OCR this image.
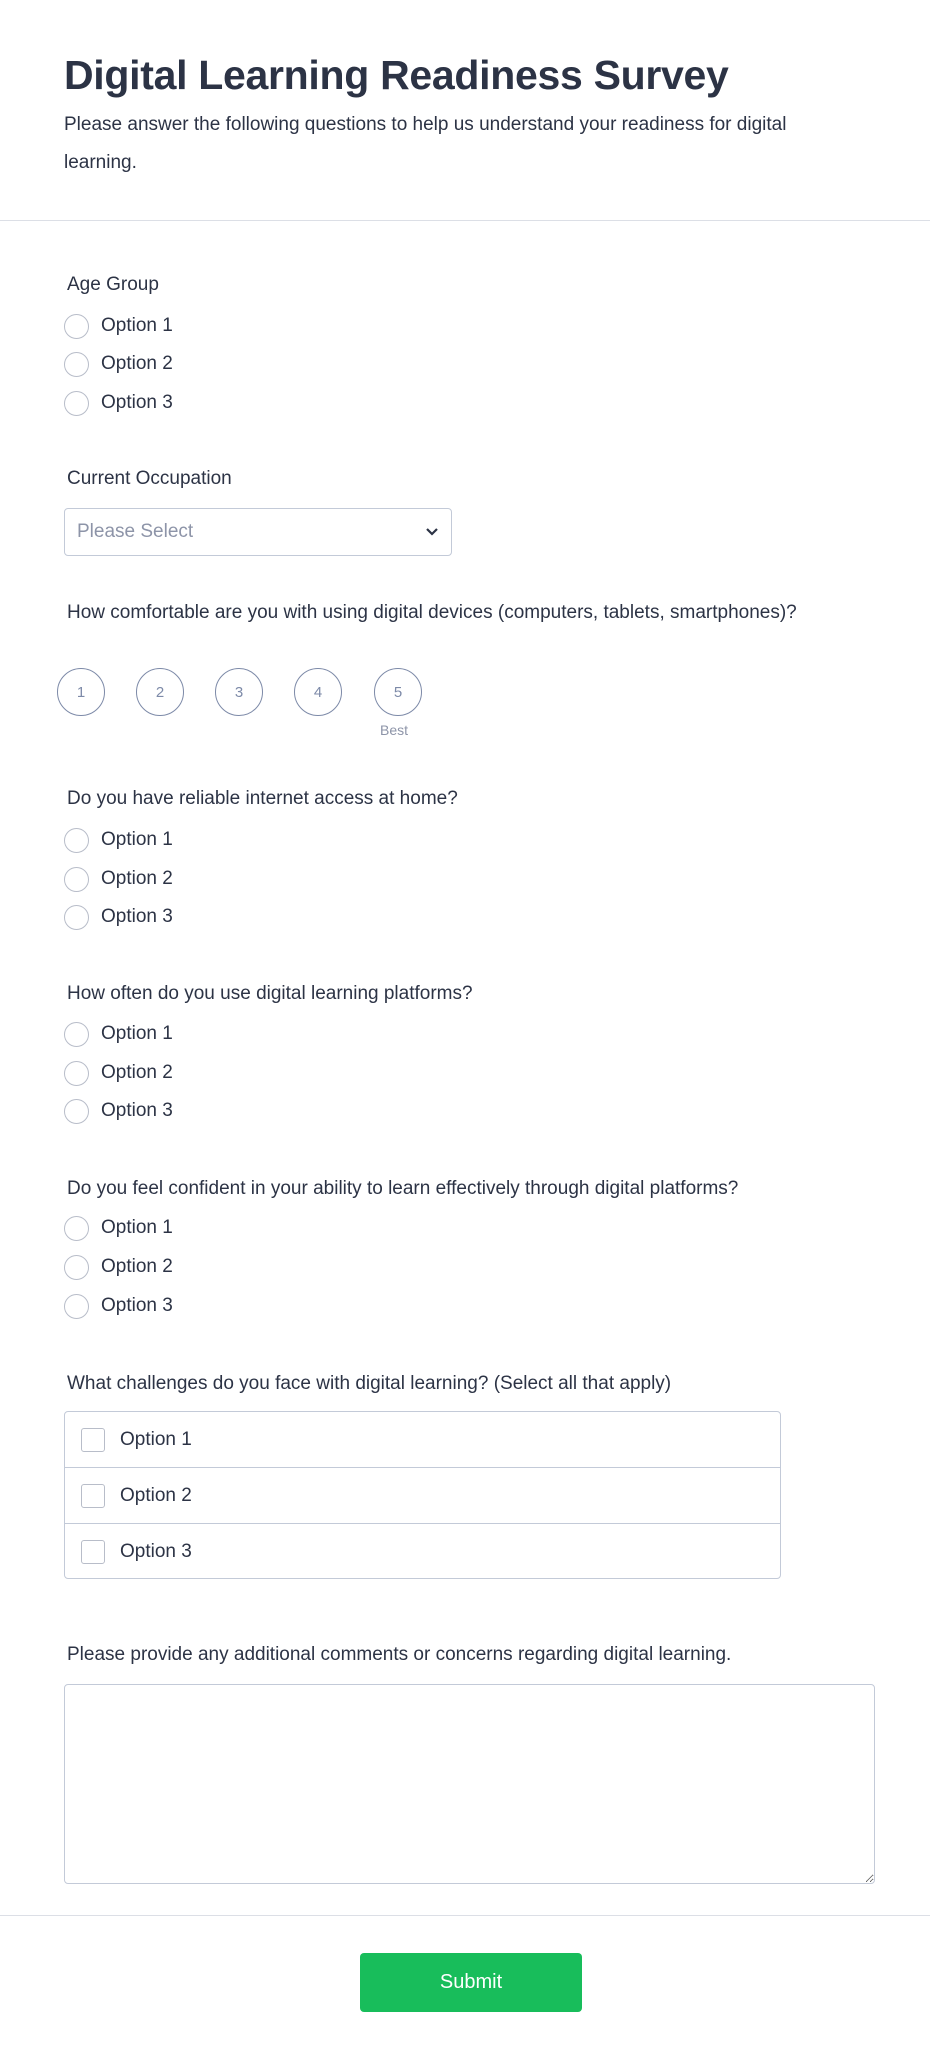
Digital Learning Readiness Survey

Please answer the following questions to help us understand your readiness for digital learning.

Age Group
Option 1
Option 2
Option 3
Current Occupation
Please Select
How comfortable are you with using digital devices (computers, tablets, smartphones)?
1	2	3	4	5
Best
Do you have reliable internet access at home?
Option 1
Option 2
Option 3
How often do you use digital learning platforms?
Option 1
Option 2
Option 3
Do you feel confident in your ability to learn effectively through digital platforms?
Option 1
Option 2
Option 3
What challenges do you face with digital learning? (Select all that apply)
Option 1
Option 2
Option 3
Please provide any additional comments or concerns regarding digital learning.
Submit
